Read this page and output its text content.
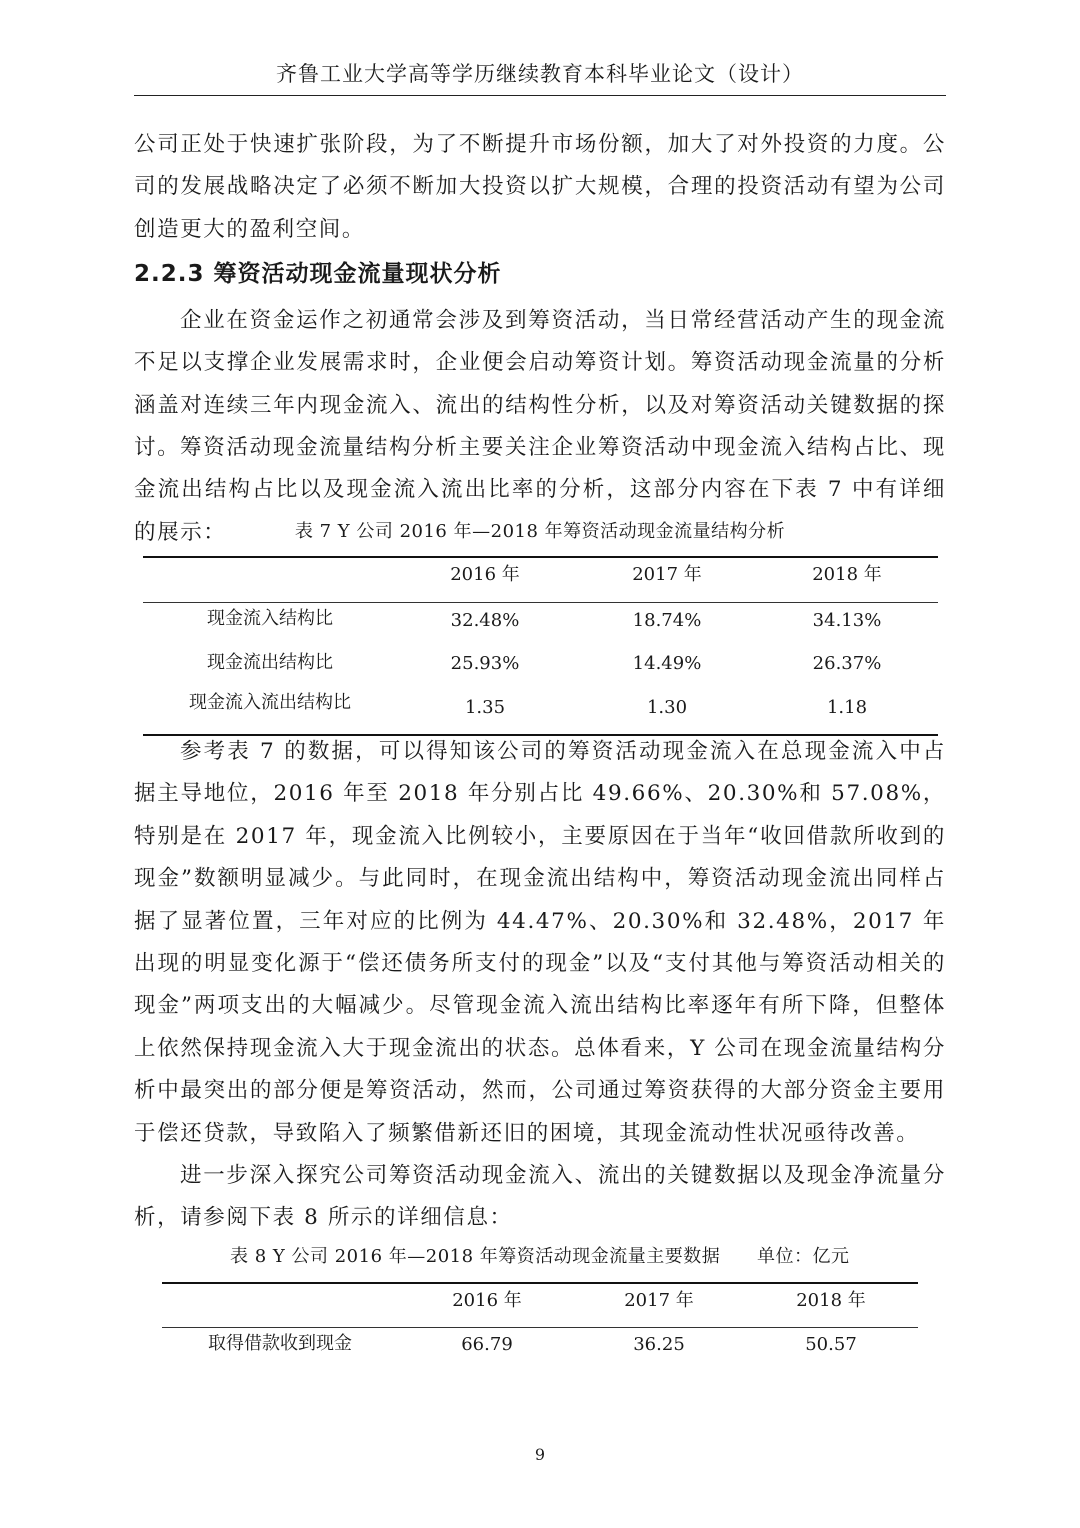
齐鲁工业大学高等学历继续教育本科毕业论文（设计）

公司正处于快速扩张阶段，为了不断提升市场份额，加大了对外投资的力度。公司的发展战略决定了必须不断加大投资以扩大规模，合理的投资活动有望为公司创造更大的盈利空间。

2.2.3 筹资活动现金流量现状分析

企业在资金运作之初通常会涉及到筹资活动，当日常经营活动产生的现金流不足以支撑企业发展需求时，企业便会启动筹资计划。筹资活动现金流量的分析涵盖对连续三年内现金流入、流出的结构性分析，以及对筹资活动关键数据的探讨。 筹资活动现金流量结构分析主要关注企业筹资活动中现金流入结构占比、现金流出结构占比以及现金流入流出比率的分析，这部分内容在下表 7 中有详细的展示：	表 7 Y 公司 2016 年—2018 年筹资活动现金流量结构分析
2016 年	2017 年	2018 年
现金流入结构比	32.48%	18.74%	34.13%
现金流出结构比	25.93%	14.49%	26.37%
现金流入流出结构比	1.35	1.30	1.18

参考表 7 的数据，可以得知该公司的筹资活动现金流入在总现金流入中占据主导地位，2016 年至 2018 年分别占比 49.66%、20.30%和 57.08%，特别是在 2017 年，现金流入比例较小，主要原因在于当年“收回借款所收到的现金”数额明显减少。与此同时，在现金流出结构中，筹资活动现金流出同样占据了显著位置，三年对应的比例为 44.47%、20.30%和 32.48%，2017 年出现的明显变化源于“偿还债务所支付的现金”以及“支付其他与筹资活动相关的现金”两项支出的大幅减少。尽管现金流入流出结构比率逐年有所下降，但整体上依然保持现金流入大于现金流出的状态。总体看来，Y 公司在现金流量结构分析中最突出的部分便是筹资活动，然而，公司通过筹资获得的大部分资金主要用于偿还贷款，导致陷入了频繁借新还旧的困境，其现金流动性状况亟待改善。

进一步深入探究公司筹资活动现金流入、流出的关键数据以及现金净流量分析，请参阅下表 8 所示的详细信息：

表 8 Y 公司 2016 年—2018 年筹资活动现金流量主要数据 单位：亿元
2016 年	2017 年	2018 年
取得借款收到现金	66.79	36.25	50.57
9
